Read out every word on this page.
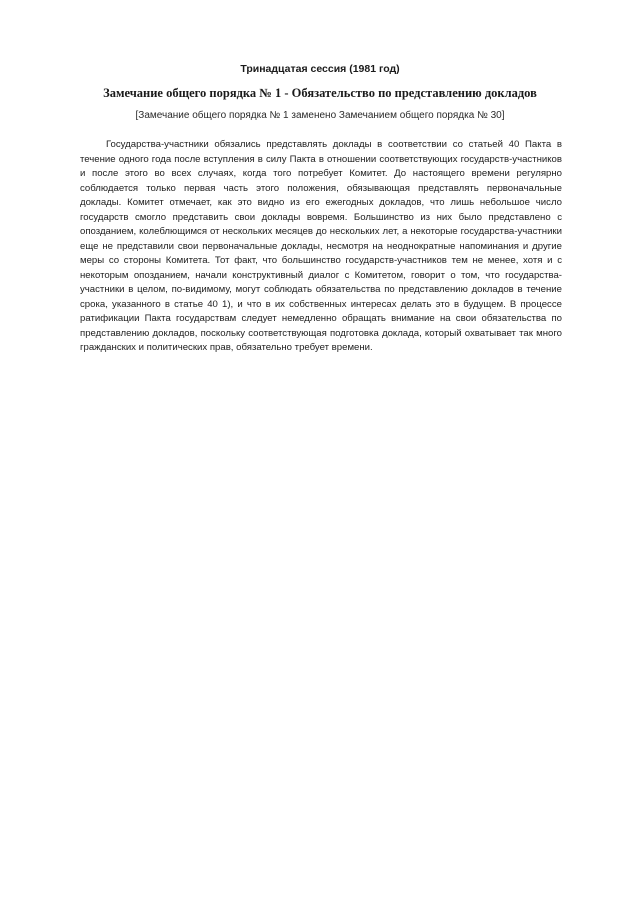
Тринадцатая сессия (1981 год)

Замечание общего порядка № 1 - Обязательство по представлению докладов

[Замечание общего порядка № 1 заменено Замечанием общего порядка № 30]

Государства-участники обязались представлять доклады в соответствии со статьей 40 Пакта в течение одного года после вступления в силу Пакта в отношении соответствующих государств-участников и после этого во всех случаях, когда того потребует Комитет. До настоящего времени регулярно соблюдается только первая часть этого положения, обязывающая представлять первоначальные доклады. Комитет отмечает, как это видно из его ежегодных докладов, что лишь небольшое число государств смогло представить свои доклады вовремя. Большинство из них было представлено с опозданием, колеблющимся от нескольких месяцев до нескольких лет, а некоторые государства-участники еще не представили свои первоначальные доклады, несмотря на неоднократные напоминания и другие меры со стороны Комитета. Тот факт, что большинство государств-участников тем не менее, хотя и с некоторым опозданием, начали конструктивный диалог с Комитетом, говорит о том, что государства-участники в целом, по-видимому, могут соблюдать обязательства по представлению докладов в течение срока, указанного в статье 40 1), и что в их собственных интересах делать это в будущем. В процессе ратификации Пакта государствам следует немедленно обращать внимание на свои обязательства по представлению докладов, поскольку соответствующая подготовка доклада, который охватывает так много гражданских и политических прав, обязательно требует времени.
